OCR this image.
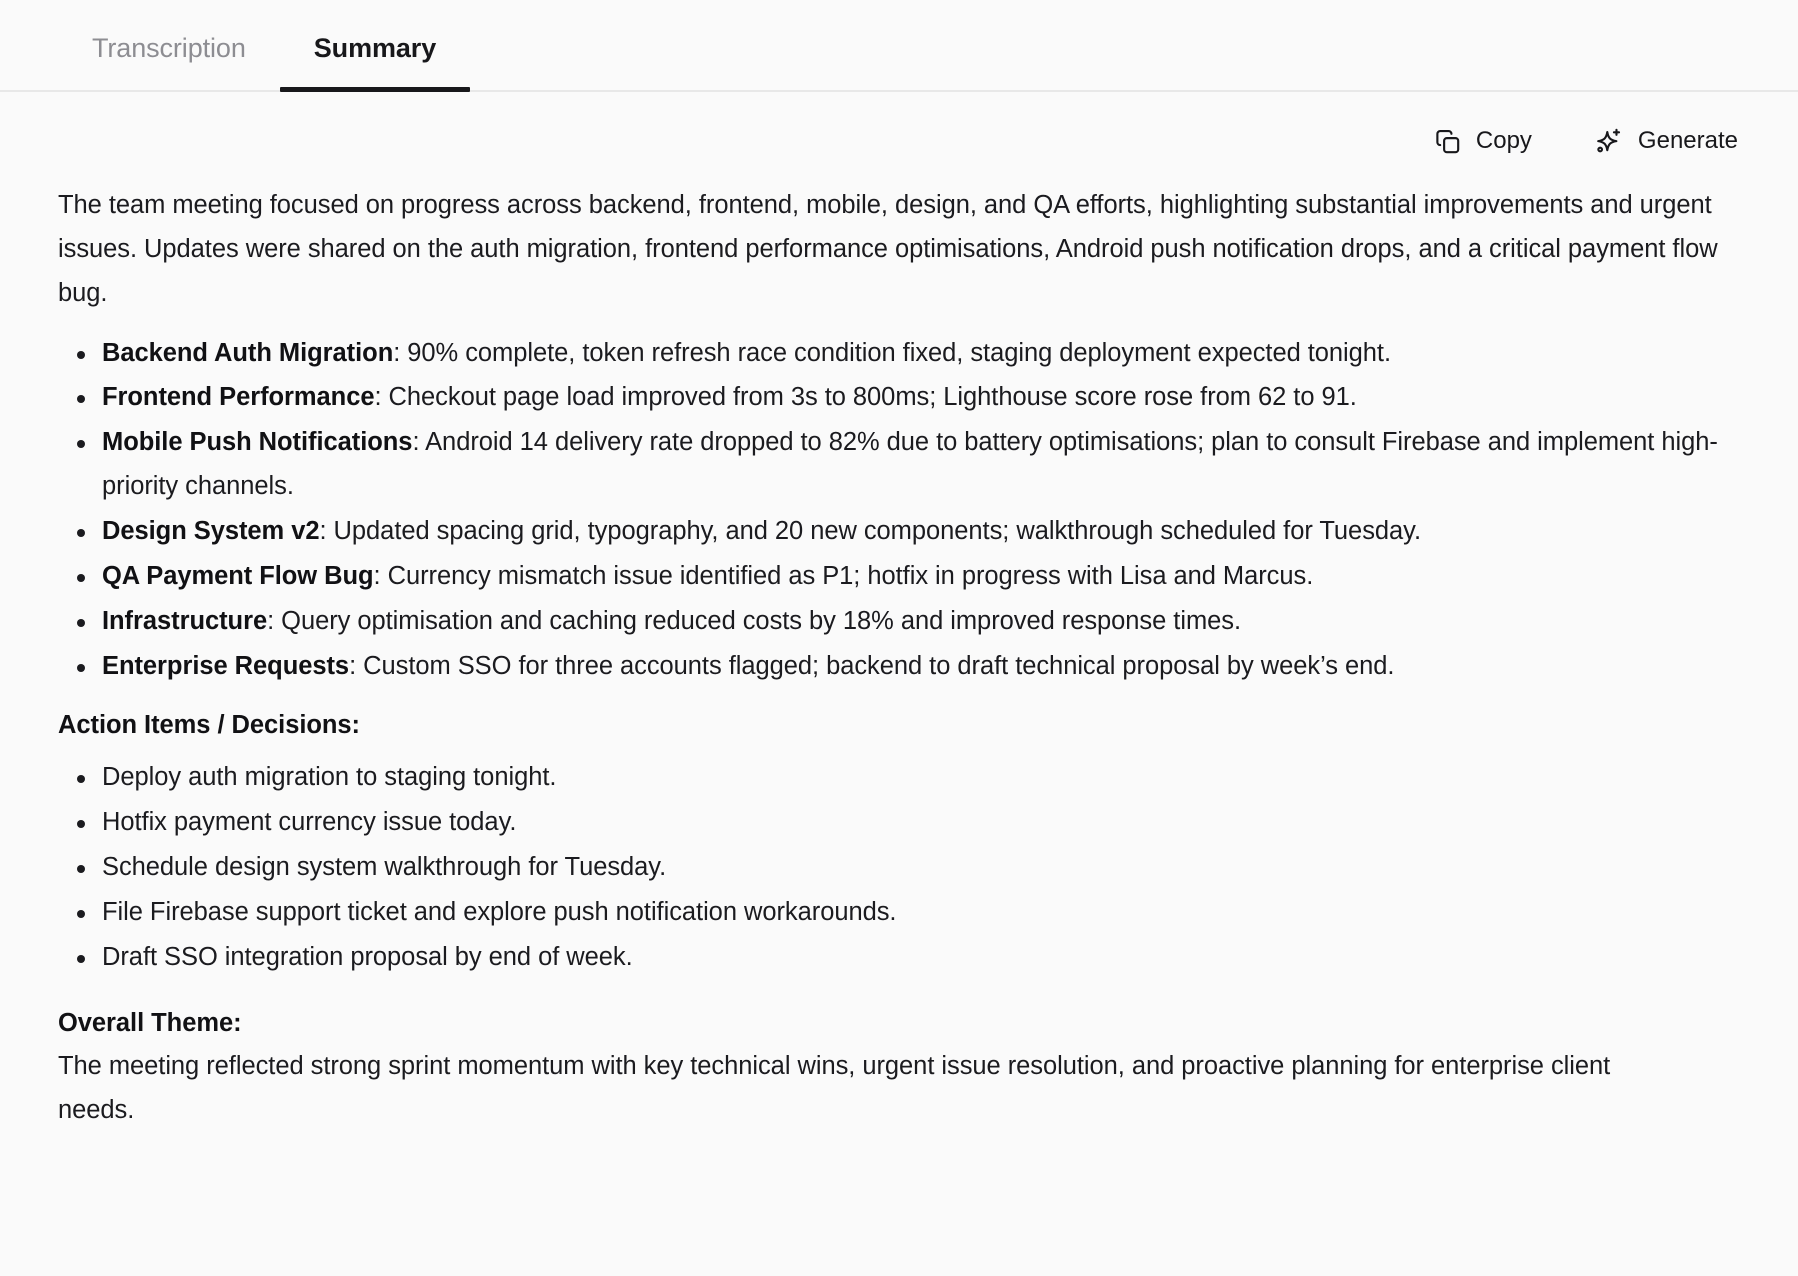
Transcription	Summary
Copy	Generate

The team meeting focused on progress across backend, frontend, mobile, design, and QA efforts, highlighting substantial improvements and urgent issues. Updates were shared on the auth migration, frontend performance optimisations, Android push notification drops, and a critical payment flow bug.

Backend Auth Migration: 90% complete, token refresh race condition fixed, staging deployment expected tonight.
Frontend Performance: Checkout page load improved from 3s to 800ms; Lighthouse score rose from 62 to 91.
Mobile Push Notifications: Android 14 delivery rate dropped to 82% due to battery optimisations; plan to consult Firebase and implement high-priority channels.
Design System v2: Updated spacing grid, typography, and 20 new components; walkthrough scheduled for Tuesday.
QA Payment Flow Bug: Currency mismatch issue identified as P1; hotfix in progress with Lisa and Marcus.
Infrastructure: Query optimisation and caching reduced costs by 18% and improved response times.
Enterprise Requests: Custom SSO for three accounts flagged; backend to draft technical proposal by week’s end.
Action Items / Decisions:
Deploy auth migration to staging tonight.
Hotfix payment currency issue today.
Schedule design system walkthrough for Tuesday.
File Firebase support ticket and explore push notification workarounds.
Draft SSO integration proposal by end of week.
Overall Theme:

The meeting reflected strong sprint momentum with key technical wins, urgent issue resolution, and proactive planning for enterprise client needs.
